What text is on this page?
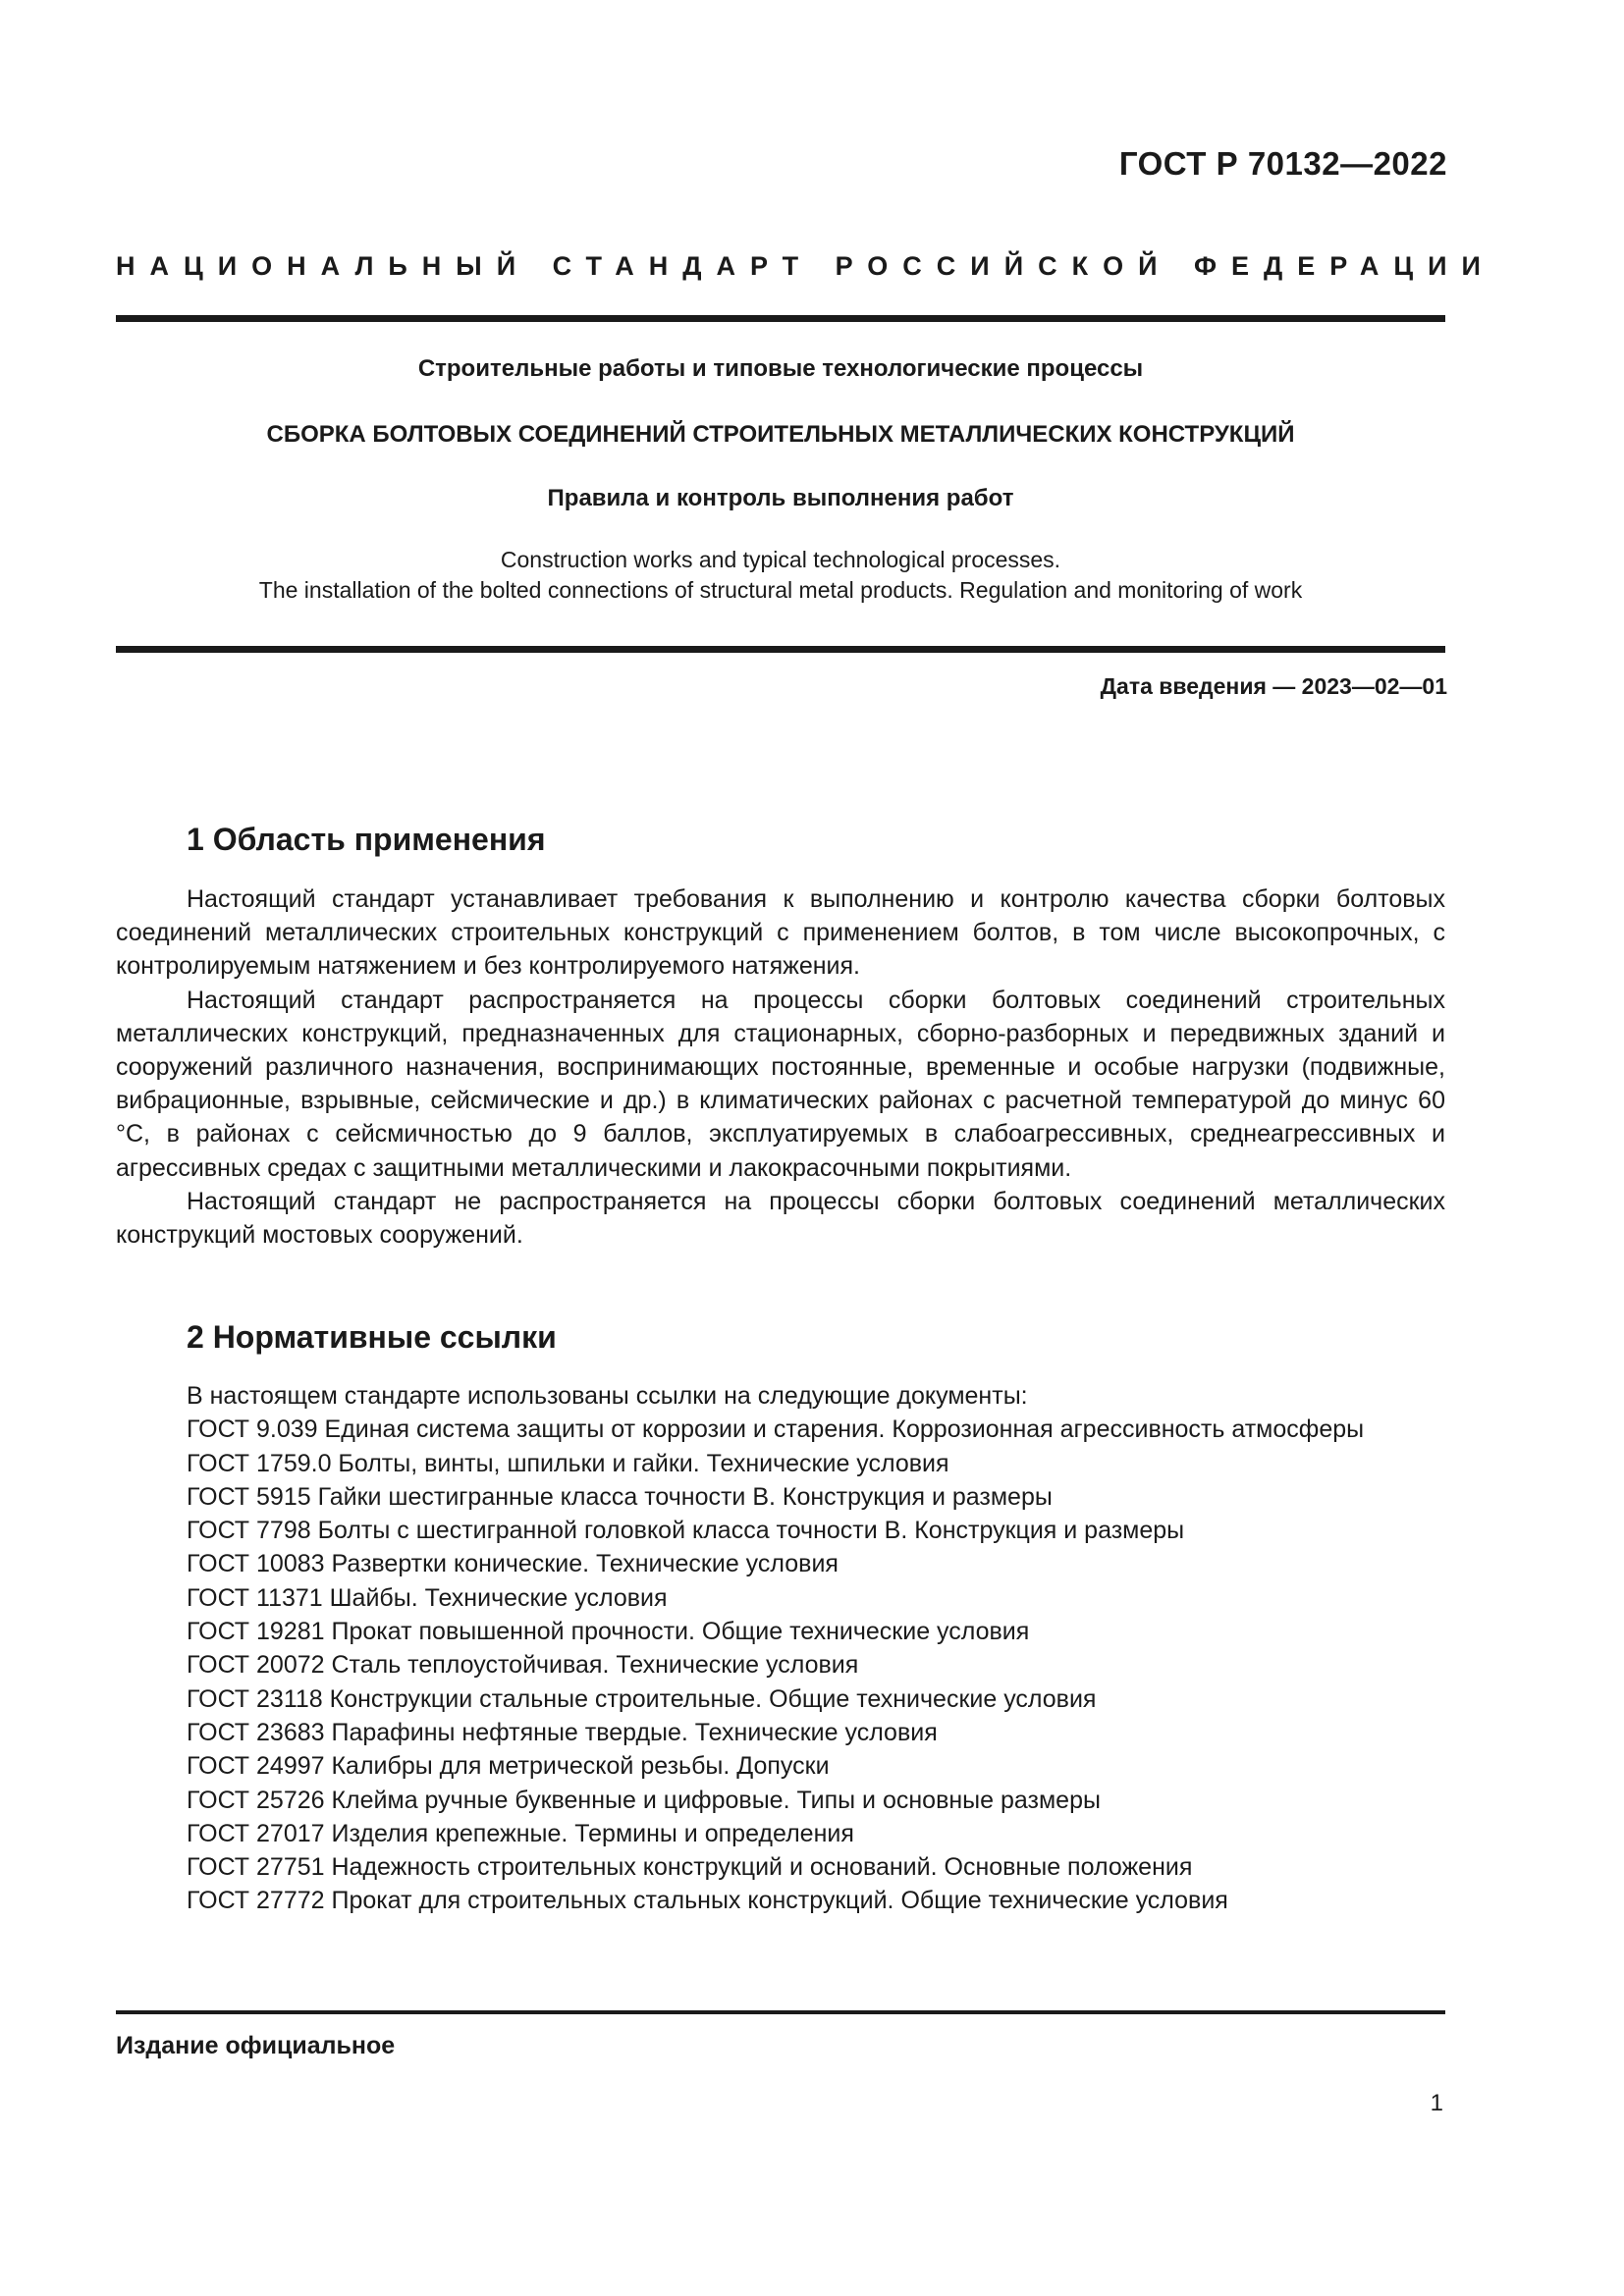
ГОСТ Р 70132—2022
НАЦИОНАЛЬНЫЙ СТАНДАРТ РОССИЙСКОЙ ФЕДЕРАЦИИ
Строительные работы и типовые технологические процессы
СБОРКА БОЛТОВЫХ СОЕДИНЕНИЙ СТРОИТЕЛЬНЫХ МЕТАЛЛИЧЕСКИХ КОНСТРУКЦИЙ
Правила и контроль выполнения работ
Construction works and typical technological processes.
The installation of the bolted connections of structural metal products. Regulation and monitoring of work
Дата введения — 2023—02—01
1 Область применения

Настоящий стандарт устанавливает требования к выполнению и контролю качества сборки болтовых соединений металлических строительных конструкций с применением болтов, в том числе высокопрочных, с контролируемым натяжением и без контролируемого натяжения.

Настоящий стандарт распространяется на процессы сборки болтовых соединений строительных металлических конструкций, предназначенных для стационарных, сборно-разборных и передвижных зданий и сооружений различного назначения, воспринимающих постоянные, временные и особые нагрузки (подвижные, вибрационные, взрывные, сейсмические и др.) в климатических районах с расчетной температурой до минус 60 °С, в районах с сейсмичностью до 9 баллов, эксплуатируемых в слабоагрессивных, среднеагрессивных и агрессивных средах с защитными металлическими и лакокрасочными покрытиями.

Настоящий стандарт не распространяется на процессы сборки болтовых соединений металлических конструкций мостовых сооружений.

2 Нормативные ссылки

В настоящем стандарте использованы ссылки на следующие документы:

ГОСТ 9.039 Единая система защиты от коррозии и старения. Коррозионная агрессивность атмосферы

ГОСТ 1759.0 Болты, винты, шпильки и гайки. Технические условия

ГОСТ 5915 Гайки шестигранные класса точности В. Конструкция и размеры

ГОСТ 7798 Болты с шестигранной головкой класса точности В. Конструкция и размеры

ГОСТ 10083 Развертки конические. Технические условия

ГОСТ 11371 Шайбы. Технические условия

ГОСТ 19281 Прокат повышенной прочности. Общие технические условия

ГОСТ 20072 Сталь теплоустойчивая. Технические условия

ГОСТ 23118 Конструкции стальные строительные. Общие технические условия

ГОСТ 23683 Парафины нефтяные твердые. Технические условия

ГОСТ 24997 Калибры для метрической резьбы. Допуски

ГОСТ 25726 Клейма ручные буквенные и цифровые. Типы и основные размеры

ГОСТ 27017 Изделия крепежные. Термины и определения

ГОСТ 27751 Надежность строительных конструкций и оснований. Основные положения

ГОСТ 27772 Прокат для строительных стальных конструкций. Общие технические условия

Издание официальное
1
